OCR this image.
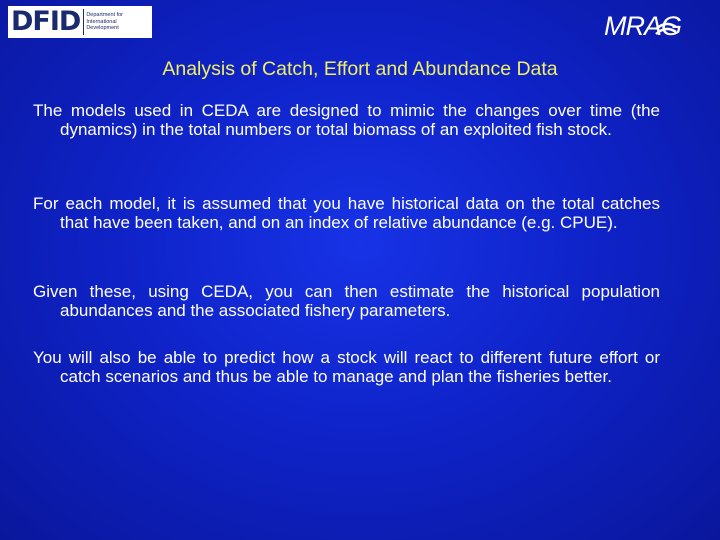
DFID Department for
International
Development	MRAG
Analysis of Catch, Effort and Abundance Data

The models used in CEDA are designed to mimic the changes over time (the dynamics) in the total numbers or total biomass of an exploited fish stock.

For each model, it is assumed that you have historical data on the total catches that have been taken, and on an index of relative abundance (e.g. CPUE).

Given these, using CEDA, you can then estimate the historical population abundances and the associated fishery parameters.

You will also be able to predict how a stock will react to different future effort or catch scenarios and thus be able to manage and plan the fisheries better.
